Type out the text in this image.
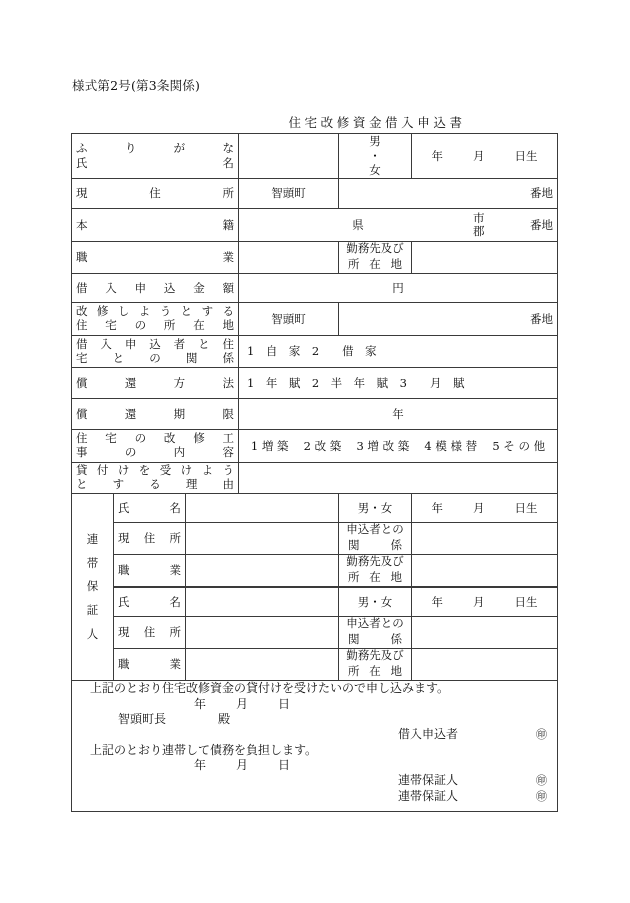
様式第2号(第3条関係)
住宅改修資金借入申込書
ふりがな
氏名				男
・
女	年 月 日生
現住所			智頭町	番地	
本籍			県 市
郡 番地		

職業				勤務先及び
所在地	

借入申込金額			円		

改修しようとする
住宅の所在地			智頭町	番地	

借入申込者と住
宅との関係			1　自　家　2　　借　家		
償還方法			1　年　賦　2　半　年　賦　3　　月　賦		
償還期限			年		

住宅の改修工
事の内容			1 増 築　 2 改 築　 3 増 改 築　 4 模 様 替　 5 そ の 他		

貸付けを受けよう
とする理由					

連
帯
保
証
人	氏名			男・女	年 月 日生
	現住所			申込者との
関係	

	職業			勤務先及び
所在地	

	氏名			男・女	年 月 日生
	現住所			申込者との
関係	

	職業			勤務先及び
所在地	

上記のとおり住宅改修資金の貸付けを受けたいので申し込みます。
年	月	日
智頭町長	殿
借入申込者	㊞
上記のとおり連帯して債務を負担します。
年	月	日
連帯保証人	㊞
連帯保証人	㊞
